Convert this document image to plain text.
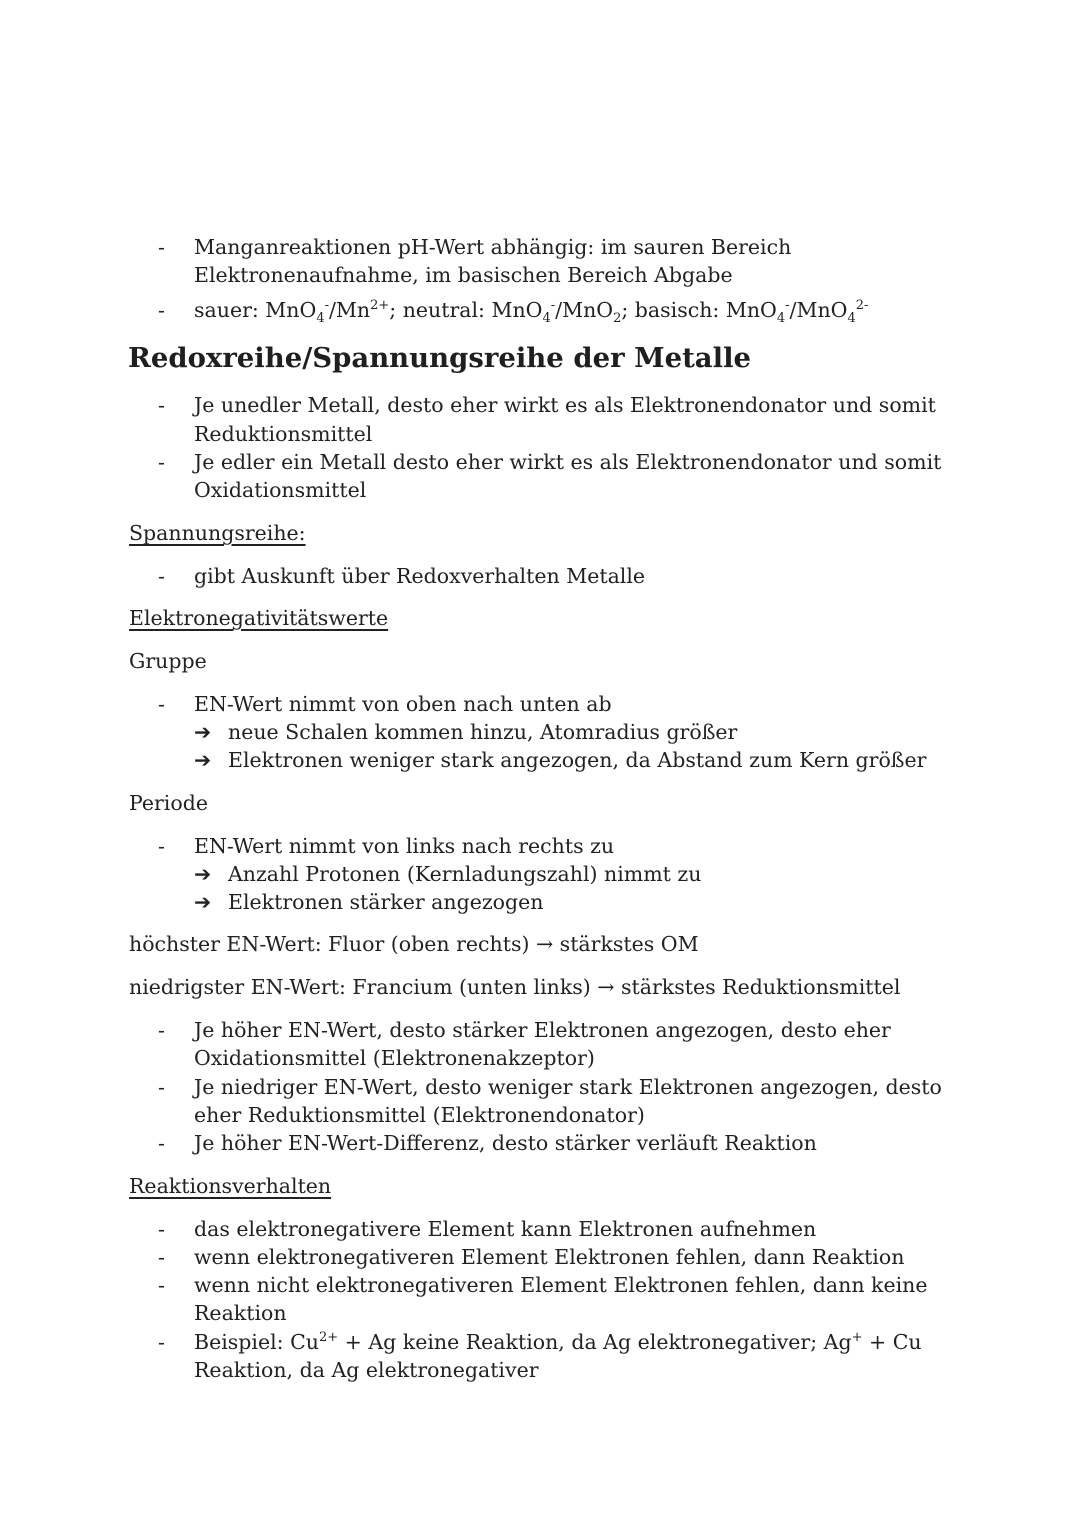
- Manganreaktionen pH-Wert abhängig: im sauren Bereich
Elektronenaufnahme, im basischen Bereich Abgabe
- sauer: $MnO_4^-/Mn^{2+}$; neutral: MnO$_4$-/MnO$_2$; basisch: MnO$_4$-/MnO$_4^{2-}$
Redoxreihe/Spannungsreihe der Metalle
- Je unedler Metall, desto eher wirkt es als Elektronendonator und somit
Reduktionsmittel
- Je edler ein Metall desto eher wirkt es als Elektronendonator und somit
Oxidationsmittel
Spannungsreihe:
- gibt Auskunft über Redoxverhalten Metalle
Elektronegativitätswerte
Gruppe
- EN-Wert nimmt von oben nach unten ab
➔ neue Schalen kommen hinzu, Atomradius größer
➔ Elektronen weniger stark angezogen, da Abstand zum Kern größer
Periode
- EN-Wert nimmt von links nach rechts zu
➔ Anzahl Protonen (Kernladungszahl) nimmt zu
➔ Elektronen stärker angezogen
höchster EN-Wert: Fluor (oben rechts) → stärkstes OM
niedrigster EN-Wert: Francium (unten links) → stärkstes Reduktionsmittel
- Je höher EN-Wert, desto stärker Elektronen angezogen, desto eher
Oxidationsmittel (Elektronenakzeptor)
- Je niedriger EN-Wert, desto weniger stark Elektronen angezogen, desto
eher Reduktionsmittel (Elektronendonator)
- Je höher EN-Wert-Differenz, desto stärker verläuft Reaktion
Reaktionsverhalten
- das elektronegativere Element kann Elektronen aufnehmen
- wenn elektronegativeren Element Elektronen fehlen, dann Reaktion
- wenn nicht elektronegativeren Element Elektronen fehlen, dann keine
Reaktion
- Beispiel: $Cu^{2+} + Ag$ keine Reaktion, da Ag elektronegativer; Ag+ + Cu
Reaktion, da Ag elektronegativer
